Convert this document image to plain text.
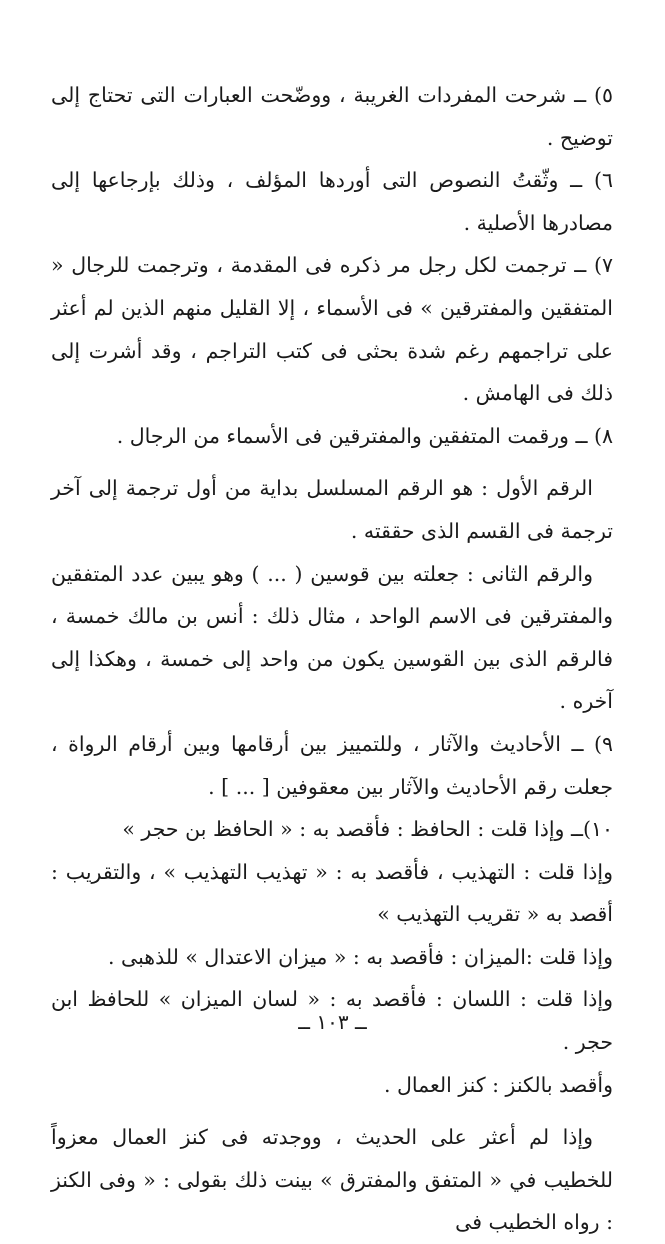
٥) ــ شرحت المفردات الغريبة ، ووضّحت العبارات التى تحتاج إلى توضيح .

٦) ــ وثّقتُ النصوص التى أوردها المؤلف ، وذلك بإرجاعها إلى مصادرها الأصلية .

٧) ــ ترجمت لكل رجل مر ذكره فى المقدمة ، وترجمت للرجال « المتفقين والمفترقين » فى الأسماء ، إلا القليل منهم الذين لم أعثر على تراجمهم رغم شدة بحثى فى كتب التراجم ، وقد أشرت إلى ذلك فى الهامش .

٨) ــ ورقمت المتفقين والمفترقين فى الأسماء من الرجال .

الرقم الأول : هو الرقم المسلسل بداية من أول ترجمة إلى آخر ترجمة فى القسم الذى حققته .

والرقم الثانى : جعلته بين قوسين ( ... ) وهو يبين عدد المتفقين والمفترقين فى الاسم الواحد ، مثال ذلك : أنس بن مالك خمسة ، فالرقم الذى بين القوسين يكون من واحد إلى خمسة ، وهكذا إلى آخره .

٩) ــ الأحاديث والآثار ، وللتمييز بين أرقامها وبين أرقام الرواة ، جعلت رقم الأحاديث والآثار بين معقوفين [ ... ] .

١٠)ــ وإذا قلت : الحافظ : فأقصد به : « الحافظ بن حجر »

وإذا قلت : التهذيب ، فأقصد به : « تهذيب التهذيب » ، والتقريب : أقصد به « تقريب التهذيب »

وإذا قلت :الميزان : فأقصد به : « ميزان الاعتدال » للذهبى .

وإذا قلت : اللسان : فأقصد به : « لسان الميزان » للحافظ ابن حجر .

وأقصد بالكنز : كنز العمال .

وإذا لم أعثر على الحديث ، ووجدته فى كنز العمال معزواً للخطيب في « المتفق والمفترق » بينت ذلك بقولى : « وفى الكنز : رواه الخطيب فى

ــ ١٠٣ ــ
